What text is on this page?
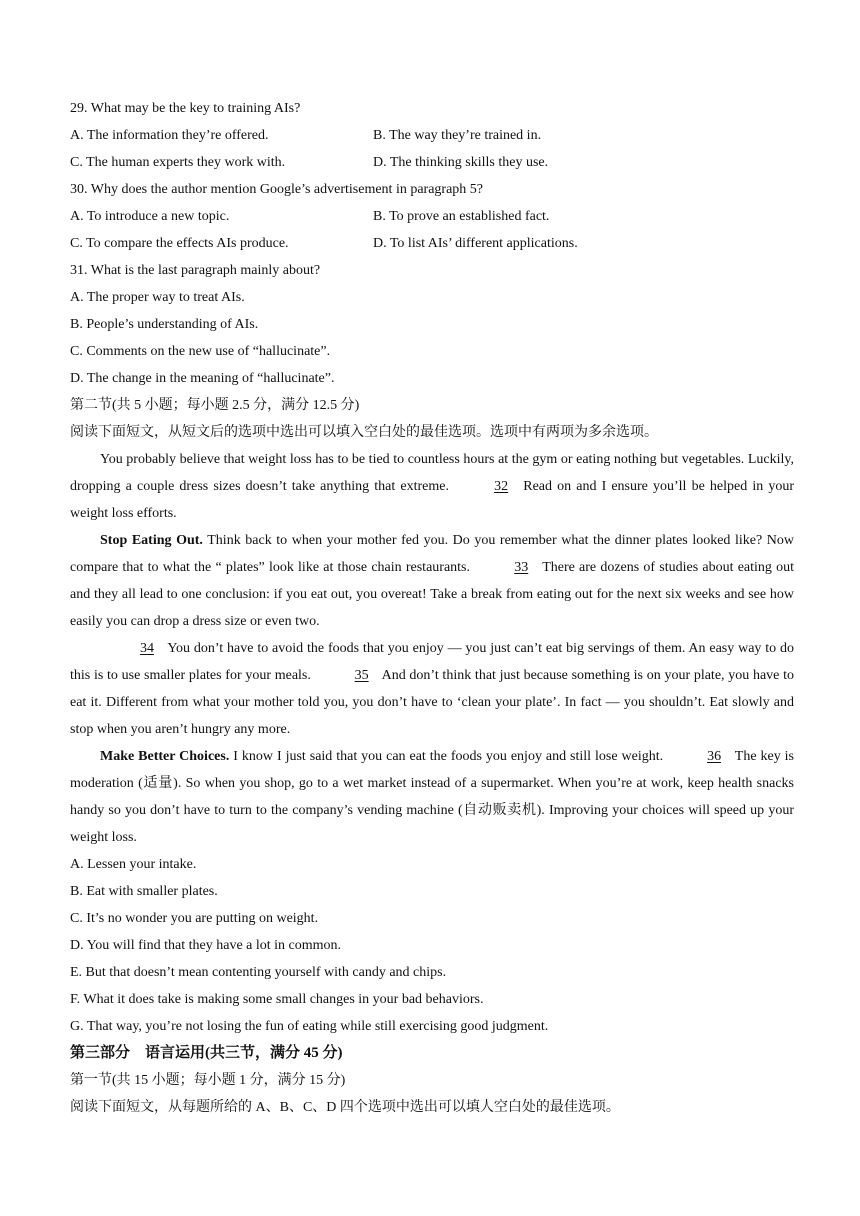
29. What may be the key to training AIs?
A. The information they’re offered.	B. The way they’re trained in.
C. The human experts they work with.	D. The thinking skills they use.
30. Why does the author mention Google’s advertisement in paragraph 5?
A. To introduce a new topic.	B. To prove an established fact.
C. To compare the effects AIs produce.	D. To list AIs’ different applications.
31. What is the last paragraph mainly about?
A. The proper way to treat AIs.
B. People’s understanding of AIs.
C. Comments on the new use of “hallucinate”.
D. The change in the meaning of “hallucinate”.
第二节(共 5 小题；每小题 2.5 分，满分 12.5 分)
阅读下面短文，从短文后的选项中选出可以填入空白处的最佳选项。选项中有两项为多余选项。
You probably believe that weight loss has to be tied to countless hours at the gym or eating nothing but vegetables. Luckily, dropping a couple dress sizes doesn’t take anything that extreme.	32 Read on and I ensure you’ll be helped in your weight loss efforts.
Stop Eating Out. Think back to when your mother fed you. Do you remember what the dinner plates looked like? Now compare that to what the “ plates” look like at those chain restaurants.	33 There are dozens of studies about eating out and they all lead to one conclusion: if you eat out, you overeat! Take a break from eating out for the next six weeks and see how easily you can drop a dress size or even two.
34 You don’t have to avoid the foods that you enjoy — you just can’t eat big servings of them. An easy way to do this is to use smaller plates for your meals.	35 And don’t think that just because something is on your plate, you have to eat it. Different from what your mother told you, you don’t have to ‘clean your plate’. In fact — you shouldn’t. Eat slowly and stop when you aren’t hungry any more.
Make Better Choices. I know I just said that you can eat the foods you enjoy and still lose weight.	36 The key is moderation (适量). So when you shop, go to a wet market instead of a supermarket. When you’re at work, keep health snacks handy so you don’t have to turn to the company’s vending machine (自动贩卖机). Improving your choices will speed up your weight loss.
A. Lessen your intake.
B. Eat with smaller plates.
C. It’s no wonder you are putting on weight.
D. You will find that they have a lot in common.
E. But that doesn’t mean contenting yourself with candy and chips.
F. What it does take is making some small changes in your bad behaviors.
G. That way, you’re not losing the fun of eating while still exercising good judgment.
第三部分　语言运用(共三节，满分 45 分)
第一节(共 15 小题；每小题 1 分，满分 15 分)
阅读下面短文，从每题所给的 A、B、C、D 四个选项中选出可以填人空白处的最佳选项。
